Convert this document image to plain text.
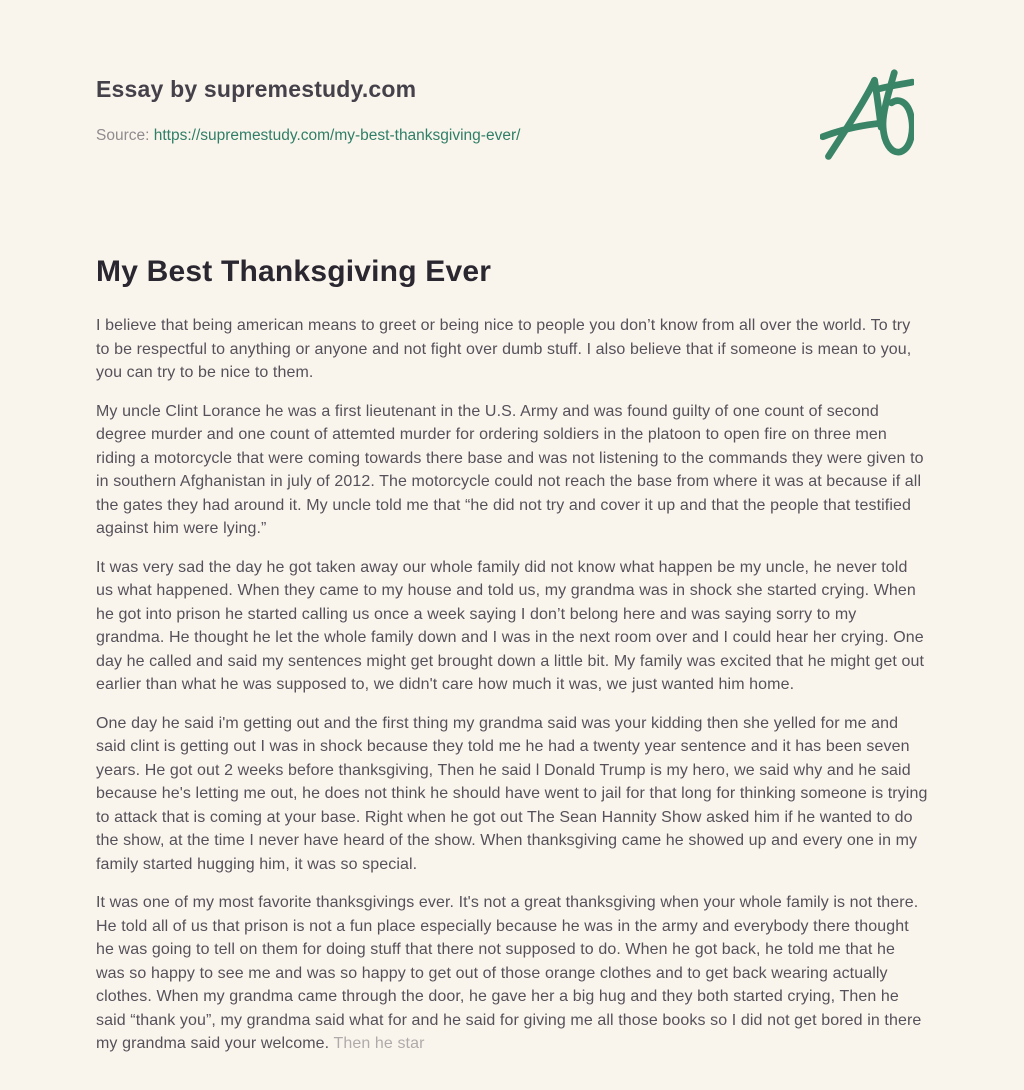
Essay by supremestudy.com

Source: https://supremestudy.com/my-best-thanksgiving-ever/

My Best Thanksgiving Ever

I believe that being american means to greet or being nice to people you don’t know from all over the world. To try to be respectful to anything or anyone and not fight over dumb stuff. I also believe that if someone is mean to you, you can try to be nice to them.

My uncle Clint Lorance he was a first lieutenant in the U.S. Army and was found guilty of one count of second degree murder and one count of attemted murder for ordering soldiers in the platoon to open fire on three men riding a motorcycle that were coming towards there base and was not listening to the commands they were given to in southern Afghanistan in july of 2012. The motorcycle could not reach the base from where it was at because if all the gates they had around it. My uncle told me that “he did not try and cover it up and that the people that testified against him were lying.”

It was very sad the day he got taken away our whole family did not know what happen be my uncle, he never told us what happened. When they came to my house and told us, my grandma was in shock she started crying. When he got into prison he started calling us once a week saying I don’t belong here and was saying sorry to my grandma. He thought he let the whole family down and I was in the next room over and I could hear her crying. One day he called and said my sentences might get brought down a little bit. My family was excited that he might get out earlier than what he was supposed to, we didn't care how much it was, we just wanted him home.

One day he said i'm getting out and the first thing my grandma said was your kidding then she yelled for me and said clint is getting out I was in shock because they told me he had a twenty year sentence and it has been seven years. He got out 2 weeks before thanksgiving, Then he said l Donald Trump is my hero, we said why and he said because he's letting me out, he does not think he should have went to jail for that long for thinking someone is trying to attack that is coming at your base. Right when he got out The Sean Hannity Show asked him if he wanted to do the show, at the time I never have heard of the show. When thanksgiving came he showed up and every one in my family started hugging him, it was so special.

It was one of my most favorite thanksgivings ever. It's not a great thanksgiving when your whole family is not there. He told all of us that prison is not a fun place especially because he was in the army and everybody there thought he was going to tell on them for doing stuff that there not supposed to do. When he got back, he told me that he was so happy to see me and was so happy to get out of those orange clothes and to get back wearing actually clothes. When my grandma came through the door, he gave her a big hug and they both started crying, Then he said “thank you”, my grandma said what for and he said for giving me all those books so I did not get bored in there my grandma said your welcome. Then he star
